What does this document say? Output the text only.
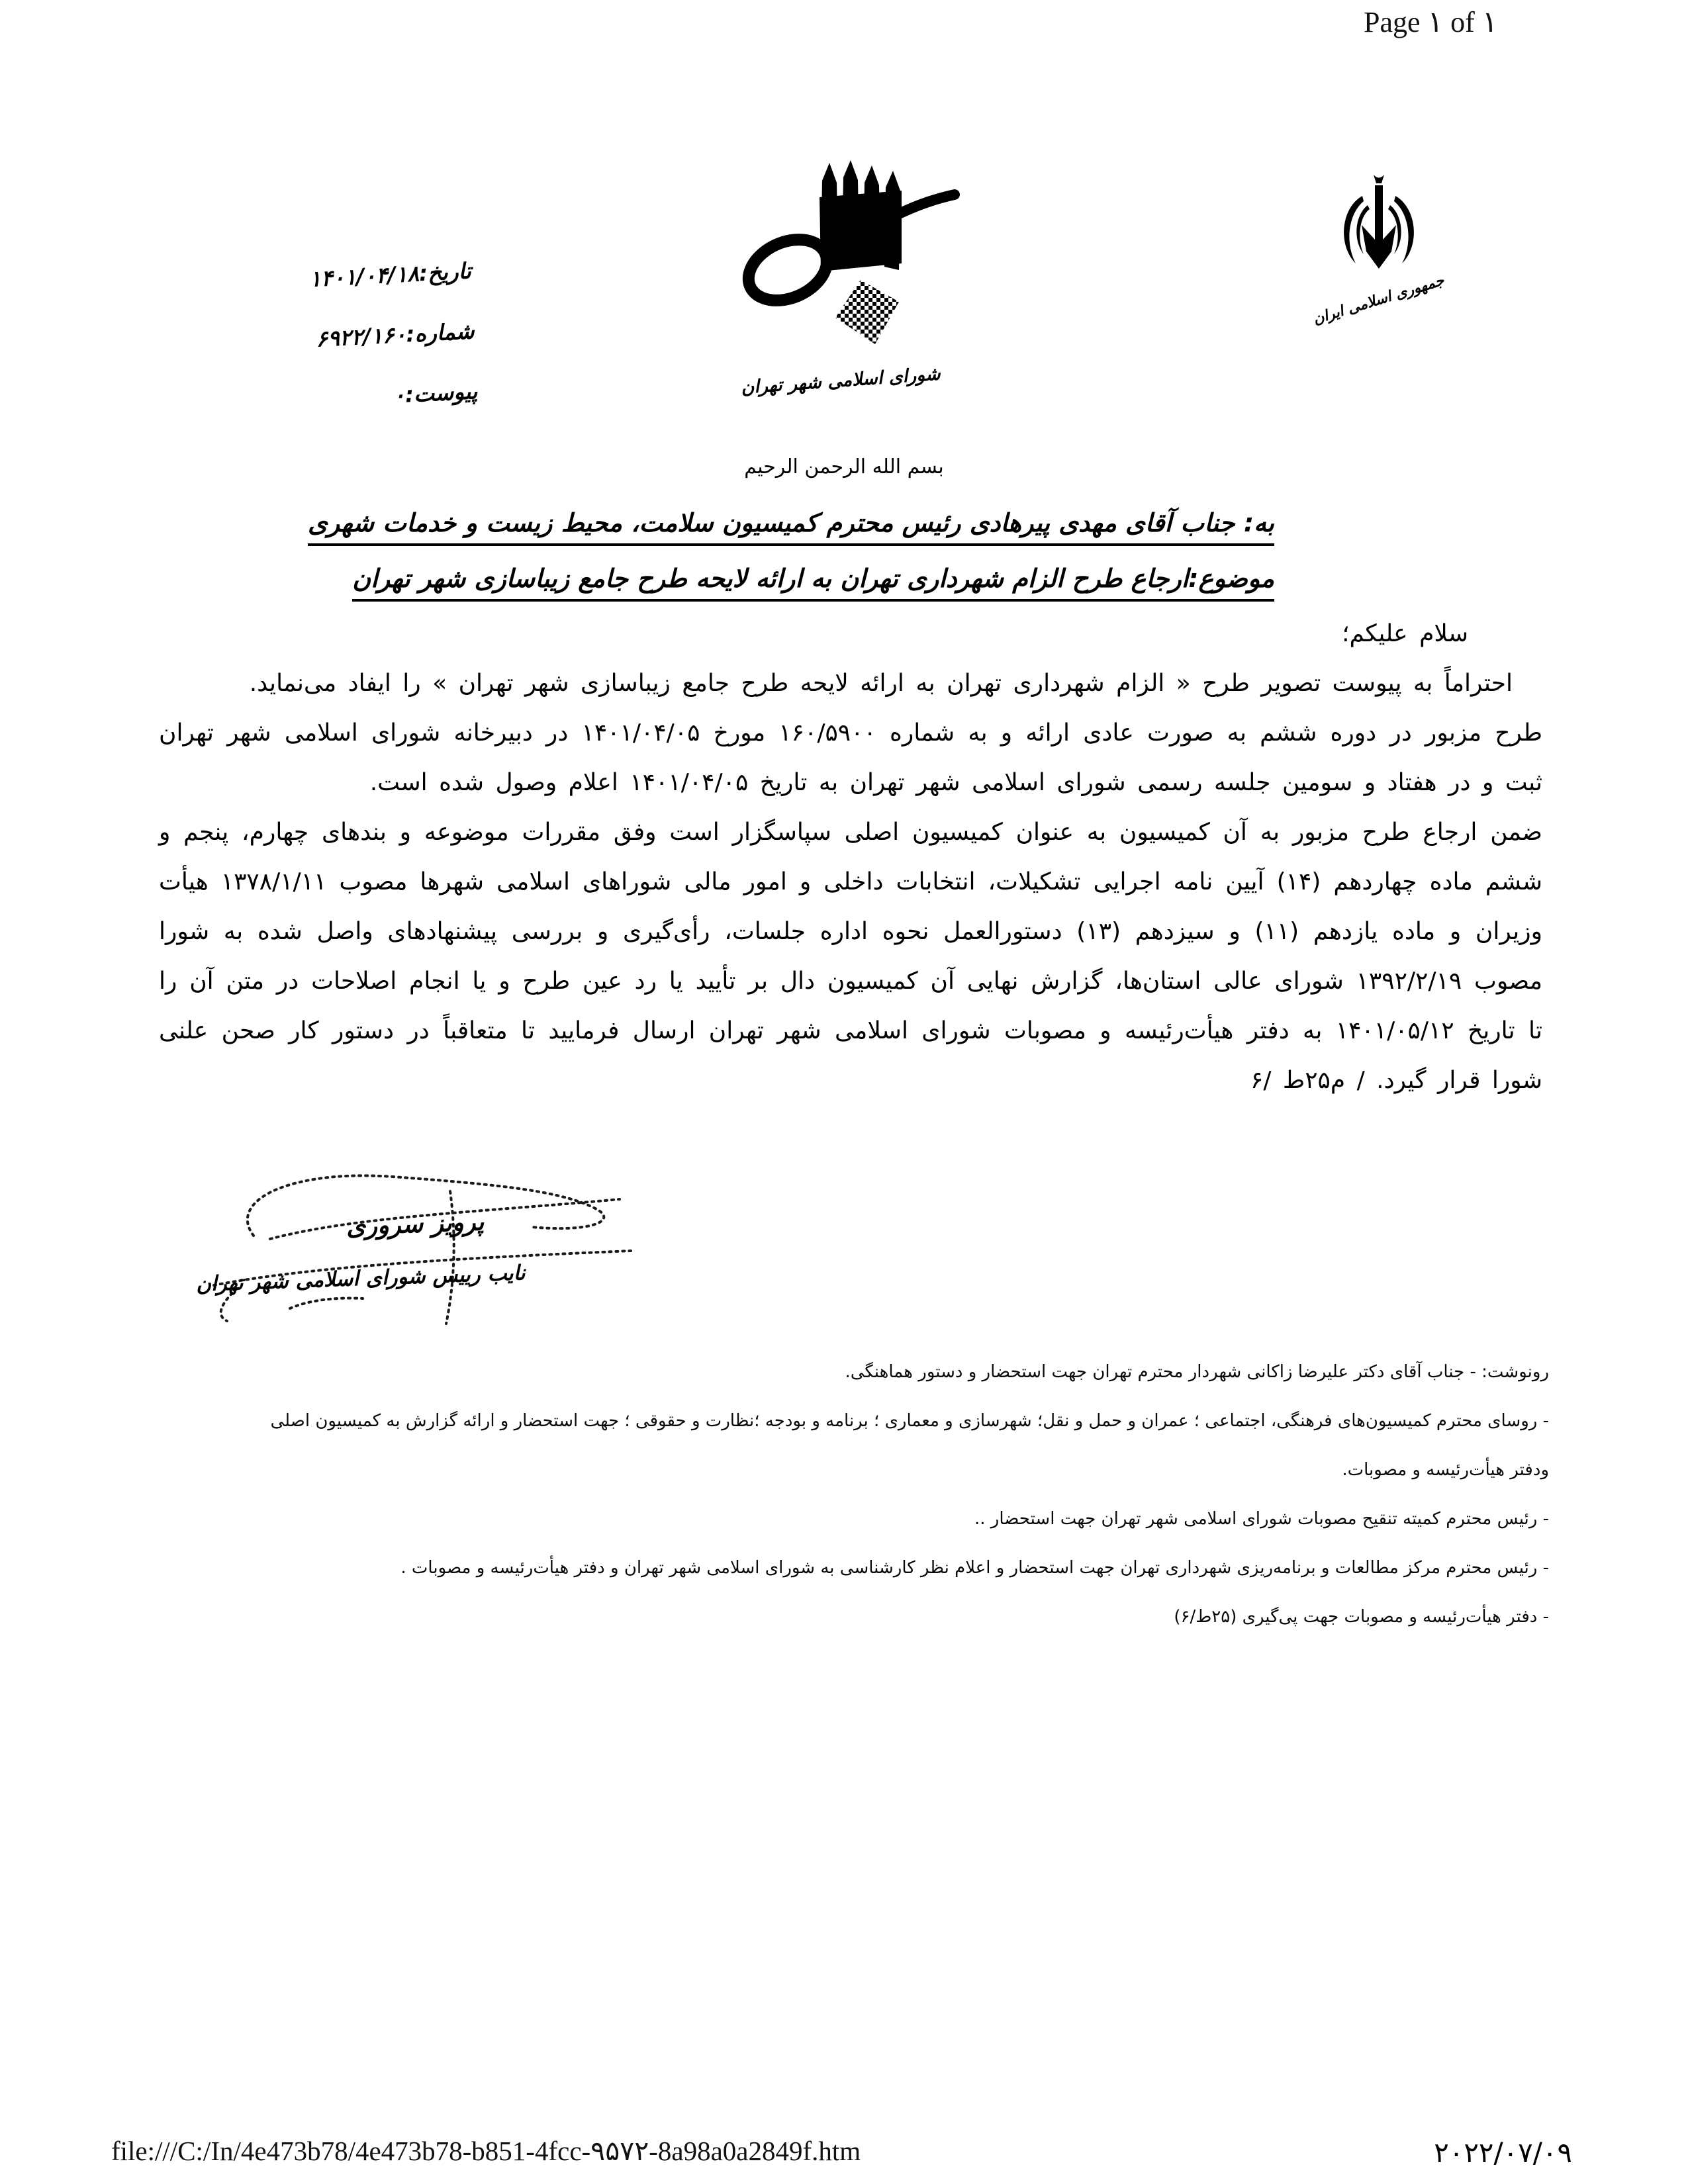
Page ۱ of ۱
تاریخ:۱۴۰۱/۰۴/۱۸
شماره:۶۹۲۲/۱۶۰
پیوست:۰	شورای اسلامی شهر تهران

جمهوری اسلامی ایران
بسم الله الرحمن الرحیم
به: جناب آقای مهدی پیرهادی رئیس محترم کمیسیون سلامت، محیط زیست و خدمات شهری
موضوع:ارجاع طرح الزام شهرداری تهران به ارائه لایحه طرح جامع زیباسازی شهر تهران

سلام علیکم؛

احتراماً به پیوست تصویر طرح « الزام شهرداری تهران به ارائه لایحه طرح جامع زیباسازی شهر تهران » را ایفاد می‌نماید.

طرح مزبور در دوره ششم به صورت عادی ارائه و به شماره ۱۶۰/۵۹۰۰ مورخ ۱۴۰۱/۰۴/۰۵ در دبیرخانه شورای اسلامی شهر تهران ثبت و در هفتاد و سومین جلسه رسمی شورای اسلامی شهر تهران به تاریخ ۱۴۰۱/۰۴/۰۵ اعلام وصول شده است.

ضمن ارجاع طرح مزبور به آن کمیسیون به عنوان کمیسیون اصلی سپاسگزار است وفق مقررات موضوعه و بندهای چهارم، پنجم و ششم ماده چهاردهم (۱۴) آیین نامه اجرایی تشکیلات، انتخابات داخلی و امور مالی شوراهای اسلامی شهرها مصوب ۱۳۷۸/۱/۱۱ هیأت وزیران و ماده یازدهم (۱۱) و سیزدهم (۱۳) دستورالعمل نحوه اداره جلسات، رأی‌گیری و بررسی پیشنهادهای واصل شده به شورا مصوب ۱۳۹۲/۲/۱۹ شورای عالی استان‌ها، گزارش نهایی آن کمیسیون دال بر تأیید یا رد عین طرح و یا انجام اصلاحات در متن آن را تا تاریخ ۱۴۰۱/۰۵/۱۲ به دفتر هیأت‌رئیسه و مصوبات شورای اسلامی شهر تهران ارسال فرمایید تا متعاقباً در دستور کار صحن علنی شورا قرار گیرد. / م۲۵ط /۶

پرویز سروری
نایب رییس شورای اسلامی شهر تهران
رونوشت: - جناب آقای دکتر علیرضا زاکانی شهردار محترم تهران جهت استحضار و دستور هماهنگی.
- روسای محترم کمیسیون‌های فرهنگی، اجتماعی ؛ عمران و حمل و نقل؛ شهرسازی و معماری ؛ برنامه و بودجه ؛نظارت و حقوقی ؛ جهت استحضار و ارائه گزارش به کمیسیون اصلی
ودفتر هیأت‌رئیسه و مصوبات.
- رئیس محترم کمیته تنقیح مصوبات شورای اسلامی شهر تهران جهت استحضار ..
- رئیس محترم مرکز مطالعات و برنامه‌ریزی شهرداری تهران جهت استحضار و اعلام نظر کارشناسی به شورای اسلامی شهر تهران و دفتر هیأت‌رئیسه و مصوبات .
- دفتر هیأت‌رئیسه و مصوبات جهت پی‌گیری (۲۵ط/۶)
file:///C:/In/4e473b78/4e473b78-b851-4fcc-۹۵۷۲-8a98a0a2849f.htm	۲۰۲۲/۰۷/۰۹
